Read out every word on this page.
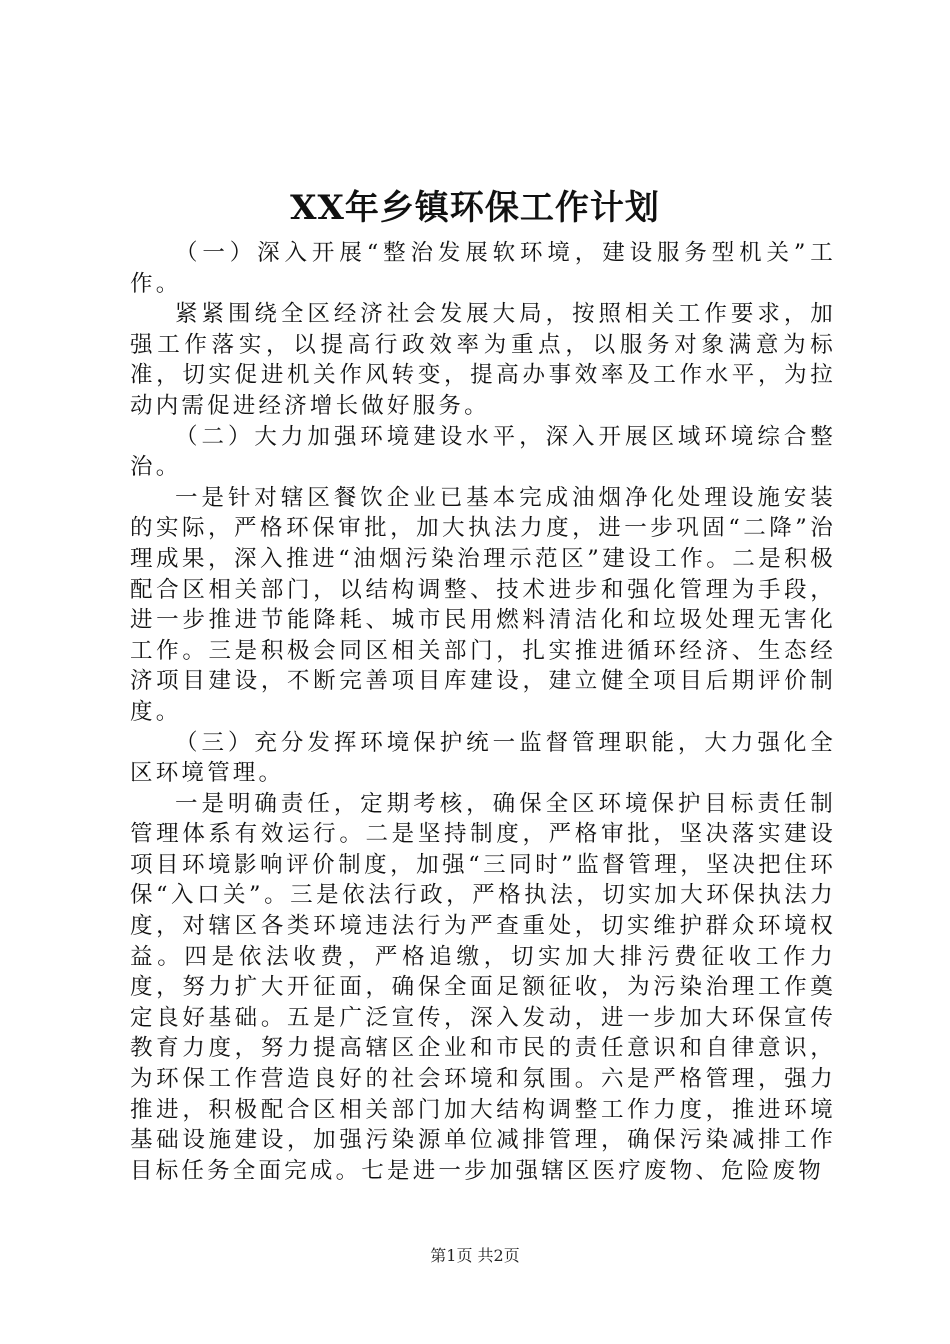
XX年乡镇环保工作计划

（一）深入开展“整治发展软环境，建设服务型机关”工作。

紧紧围绕全区经济社会发展大局，按照相关工作要求，加强工作落实，以提高行政效率为重点，以服务对象满意为标准，切实促进机关作风转变，提高办事效率及工作水平，为拉动内需促进经济增长做好服务。

（二）大力加强环境建设水平，深入开展区域环境综合整治。

一是针对辖区餐饮企业已基本完成油烟净化处理设施安装的实际，严格环保审批，加大执法力度，进一步巩固“二降”治理成果，深入推进“油烟污染治理示范区”建设工作。二是积极配合区相关部门，以结构调整、技术进步和强化管理为手段，进一步推进节能降耗、城市民用燃料清洁化和垃圾处理无害化工作。三是积极会同区相关部门，扎实推进循环经济、生态经济项目建设，不断完善项目库建设，建立健全项目后期评价制度。

（三）充分发挥环境保护统一监督管理职能，大力强化全区环境管理。

一是明确责任，定期考核，确保全区环境保护目标责任制管理体系有效运行。二是坚持制度，严格审批，坚决落实建设项目环境影响评价制度，加强“三同时”监督管理，坚决把住环保“入口关”。三是依法行政，严格执法，切实加大环保执法力度，对辖区各类环境违法行为严查重处，切实维护群众环境权益。四是依法收费，严格追缴，切实加大排污费征收工作力度，努力扩大开征面，确保全面足额征收，为污染治理工作奠定良好基础。五是广泛宣传，深入发动，进一步加大环保宣传教育力度，努力提高辖区企业和市民的责任意识和自律意识，为环保工作营造良好的社会环境和氛围。六是严格管理，强力推进，积极配合区相关部门加大结构调整工作力度，推进环境基础设施建设，加强污染源单位减排管理，确保污染减排工作目标任务全面完成。七是进一步加强辖区医疗废物、危险废物

第1页 共2页
